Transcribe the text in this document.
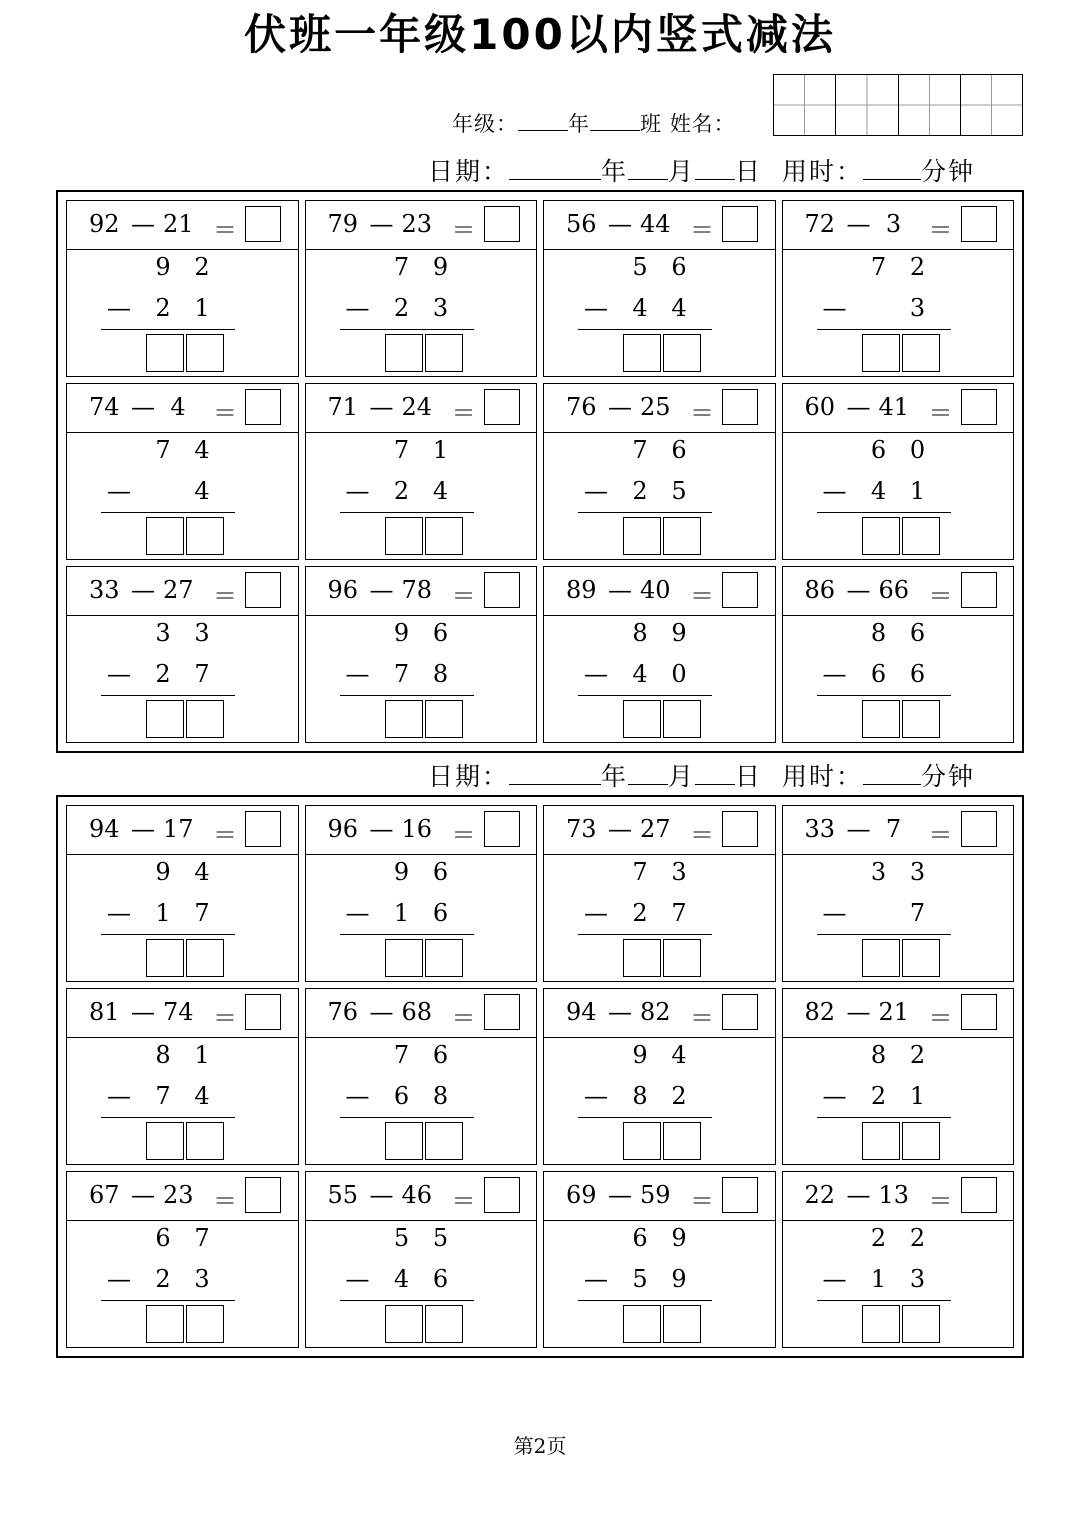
伏班一年级100以内竖式减法
年级： 年 班 姓名：
日期：	年 月 日 用时： 分钟
92 — 21 ＝
9 2
— 2 1
79 — 23 ＝
7 9
— 2 3
56 — 44 ＝
5 6
— 4 4
72 — 3	＝
7 2
—	3
74 — 4	＝
7 4
—	4
71 — 24 ＝
7 1
— 2 4
76 — 25 ＝
7 6
— 2 5
60 — 41 ＝
6 0
— 4 1
33 — 27 ＝
3 3
— 2 7
96 — 78 ＝
9 6
— 7 8
89 — 40 ＝
8 9
— 4 0
86 — 66 ＝
8 6
— 6 6
日期：	年 月 日 用时： 分钟
94 — 17 ＝
9 4
— 1 7
96 — 16 ＝
9 6
— 1 6
73 — 27 ＝
7 3
— 2 7
33 — 7	＝
3 3
—	7
81 — 74 ＝
8 1
— 7 4
76 — 68 ＝
7 6
— 6 8
94 — 82 ＝
9 4
— 8 2
82 — 21 ＝
8 2
— 2 1
67 — 23 ＝
6 7
— 2 3
55 — 46 ＝
5 5
— 4 6
69 — 59 ＝
6 9
— 5 9
22 — 13 ＝
2 2
— 1 3
第2页
